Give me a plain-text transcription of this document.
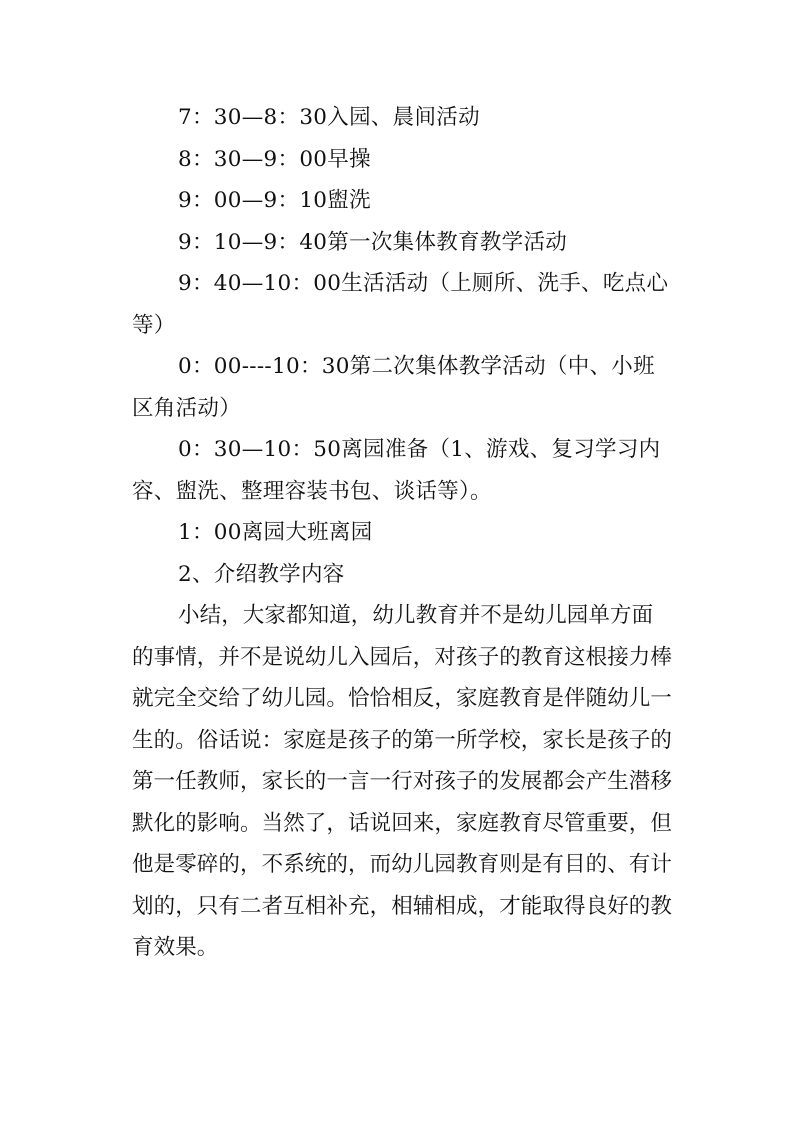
7：30—8：30入园、晨间活动

8：30—9：00早操

9：00—9：10盥洗

9：10—9：40第一次集体教育教学活动

9：40—10：00生活活动（上厕所、洗手、吃点心等）

0：00----10：30第二次集体教学活动（中、小班区角活动）

0：30—10：50离园准备（1、游戏、复习学习内容、盥洗、整理容装书包、谈话等）。

1：00离园大班离园

2、介绍教学内容

小结，大家都知道，幼儿教育并不是幼儿园单方面的事情，并不是说幼儿入园后，对孩子的教育这根接力棒就完全交给了幼儿园。恰恰相反，家庭教育是伴随幼儿一生的。俗话说：家庭是孩子的第一所学校，家长是孩子的第一任教师，家长的一言一行对孩子的发展都会产生潜移默化的影响。当然了，话说回来，家庭教育尽管重要，但他是零碎的，不系统的，而幼儿园教育则是有目的、有计划的，只有二者互相补充，相辅相成，才能取得良好的教育效果。
